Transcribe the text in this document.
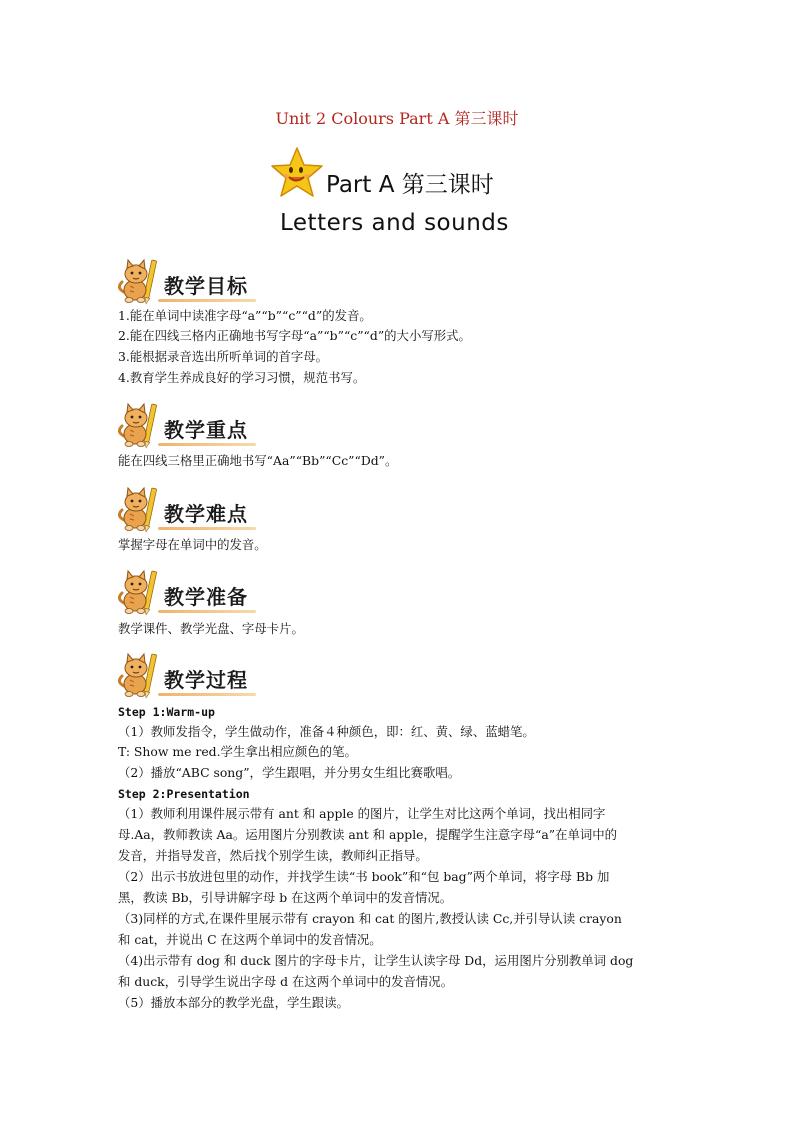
Unit 2 Colours Part A 第三课时
Part A 第三课时
Letters and sounds
教学目标
1.能在单词中读准字母“a”“b”“c”“d”的发音。
2.能在四线三格内正确地书写字母“a”“b”“c”“d”的大小写形式。
3.能根据录音选出所听单词的首字母。
4.教育学生养成良好的学习习惯，规范书写。
教学重点
能在四线三格里正确地书写“Aa”“Bb”“Cc”“Dd”。
教学难点
掌握字母在单词中的发音。
教学准备
教学课件、教学光盘、字母卡片。
教学过程
Step 1:Warm-up
（1）教师发指令，学生做动作，准备４种颜色，即：红、黄、绿、蓝蜡笔。
T: Show me red.学生拿出相应颜色的笔。
（2）播放“ABC song”，学生跟唱，并分男女生组比赛歌唱。
Step 2:Presentation
（1）教师利用课件展示带有 ant 和 apple 的图片，让学生对比这两个单词，找出相同字
母.Aa，教师教读 Aa。运用图片分别教读 ant 和 apple，提醒学生注意字母“a”在单词中的
发音，并指导发音，然后找个别学生读，教师纠正指导。
（2）出示书放进包里的动作，并找学生读“书 book”和“包 bag”两个单词，将字母 Bb 加
黑，教读 Bb，引导讲解字母 b 在这两个单词中的发音情况。
（3)同样的方式,在课件里展示带有 crayon 和 cat 的图片,教授认读 Cc,并引导认读 crayon
和 cat，并说出 C 在这两个单词中的发音情况。
（4)出示带有 dog 和 duck 图片的字母卡片，让学生认读字母 Dd，运用图片分别教单词 dog
和 duck，引导学生说出字母 d 在这两个单词中的发音情况。
（5）播放本部分的教学光盘，学生跟读。
